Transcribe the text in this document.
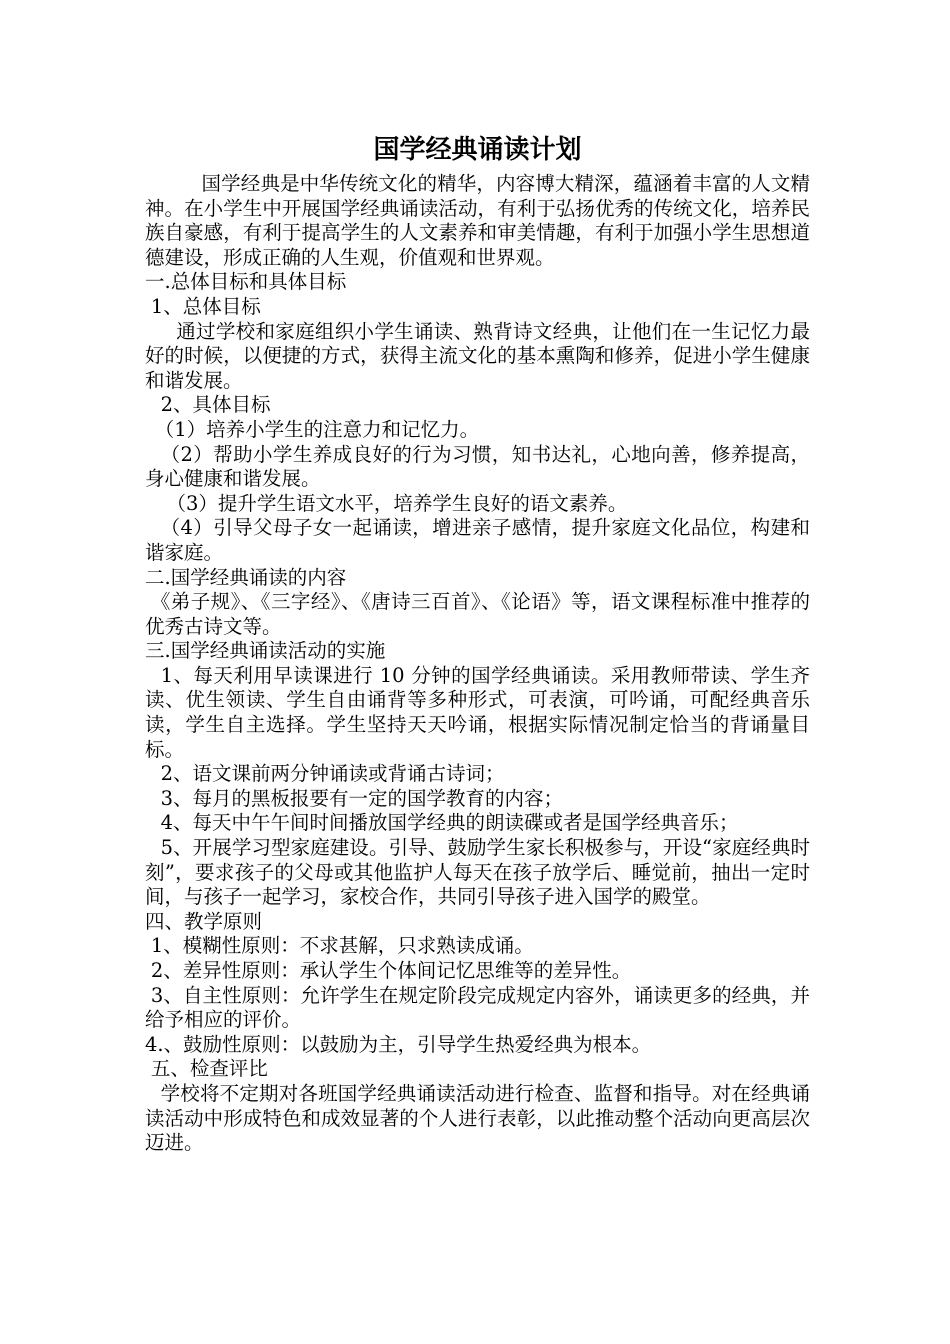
国学经典诵读计划

国学经典是中华传统文化的精华，内容博大精深，蕴涵着丰富的人文精神。在小学生中开展国学经典诵读活动，有利于弘扬优秀的传统文化，培养民族自豪感，有利于提高学生的人文素养和审美情趣，有利于加强小学生思想道德建设，形成正确的人生观，价值观和世界观。

一.总体目标和具体目标

1、总体目标

通过学校和家庭组织小学生诵读、熟背诗文经典，让他们在一生记忆力最好的时候，以便捷的方式，获得主流文化的基本熏陶和修养，促进小学生健康和谐发展。

2、具体目标

（1）培养小学生的注意力和记忆力。

（2）帮助小学生养成良好的行为习惯，知书达礼，心地向善，修养提高，身心健康和谐发展。

（3）提升学生语文水平，培养学生良好的语文素养。

（4）引导父母子女一起诵读，增进亲子感情，提升家庭文化品位，构建和谐家庭。

二.国学经典诵读的内容

《弟子规》、《三字经》、《唐诗三百首》、《论语》等，语文课程标准中推荐的优秀古诗文等。

三.国学经典诵读活动的实施

1、每天利用早读课进行 10 分钟的国学经典诵读。采用教师带读、学生齐读、优生领读、学生自由诵背等多种形式，可表演，可吟诵，可配经典音乐读，学生自主选择。学生坚持天天吟诵，根据实际情况制定恰当的背诵量目标。

2、语文课前两分钟诵读或背诵古诗词；

3、每月的黑板报要有一定的国学教育的内容；

4、每天中午午间时间播放国学经典的朗读碟或者是国学经典音乐；

5、开展学习型家庭建设。引导、鼓励学生家长积极参与，开设“家庭经典时刻”，要求孩子的父母或其他监护人每天在孩子放学后、睡觉前，抽出一定时间，与孩子一起学习，家校合作，共同引导孩子进入国学的殿堂。

四、教学原则

1、模糊性原则：不求甚解，只求熟读成诵。

2、差异性原则：承认学生个体间记忆思维等的差异性。

3、自主性原则：允许学生在规定阶段完成规定内容外，诵读更多的经典，并给予相应的评价。

4.、鼓励性原则：以鼓励为主，引导学生热爱经典为根本。

五、检查评比

学校将不定期对各班国学经典诵读活动进行检查、监督和指导。对在经典诵读活动中形成特色和成效显著的个人进行表彰，以此推动整个活动向更高层次迈进。
